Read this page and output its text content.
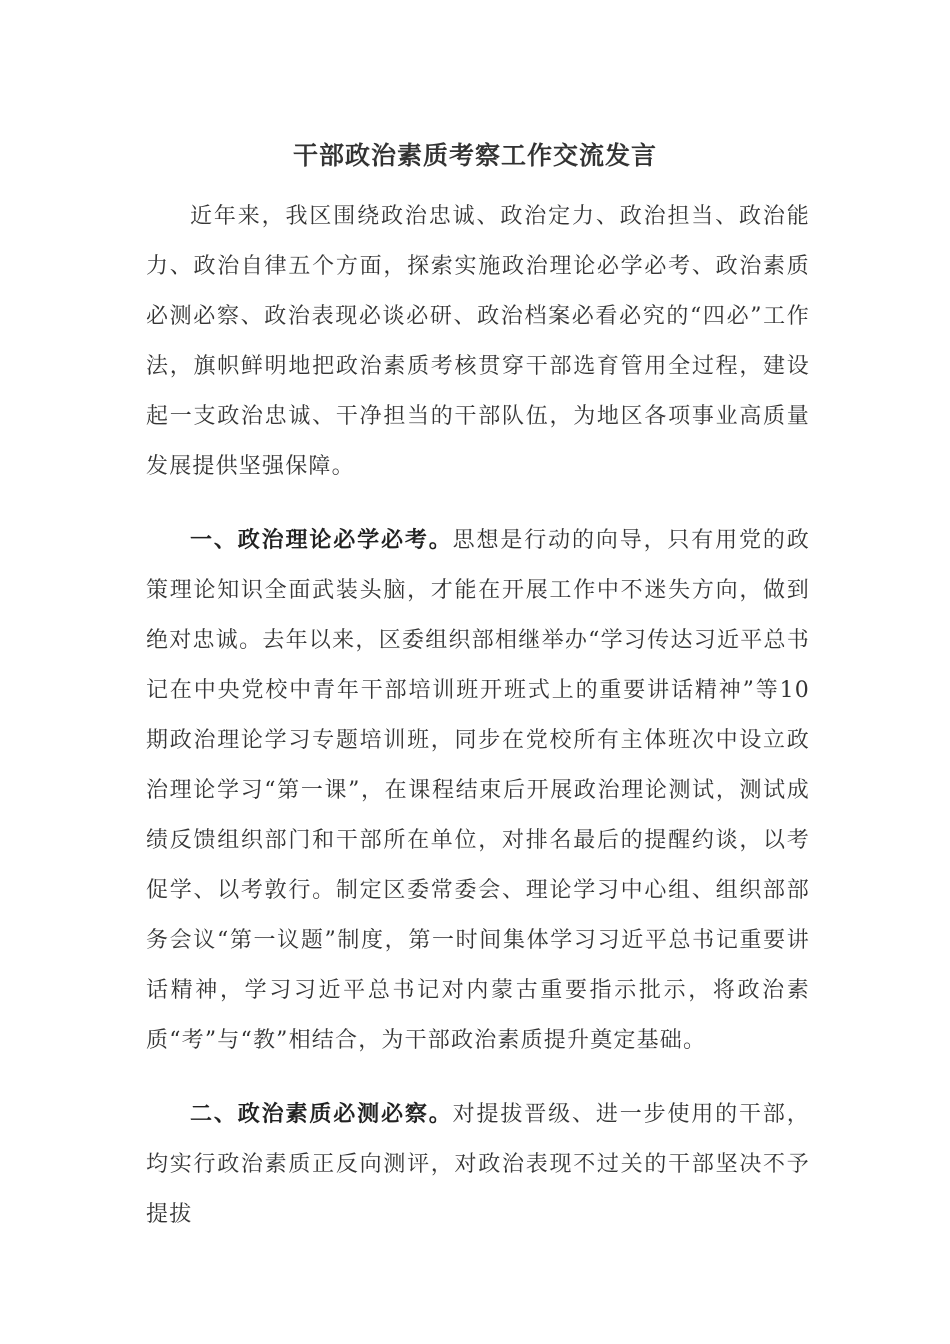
干部政治素质考察工作交流发言

近年来，我区围绕政治忠诚、政治定力、政治担当、政治能力、政治自律五个方面，探索实施政治理论必学必考、政治素质必测必察、政治表现必谈必研、政治档案必看必究的“四必”工作法，旗帜鲜明地把政治素质考核贯穿干部选育管用全过程，建设起一支政治忠诚、干净担当的干部队伍，为地区各项事业高质量发展提供坚强保障。

一、政治理论必学必考。思想是行动的向导，只有用党的政策理论知识全面武装头脑，才能在开展工作中不迷失方向，做到绝对忠诚。去年以来，区委组织部相继举办“学习传达习近平总书记在中央党校中青年干部培训班开班式上的重要讲话精神”等10期政治理论学习专题培训班，同步在党校所有主体班次中设立政治理论学习“第一课”，在课程结束后开展政治理论测试，测试成绩反馈组织部门和干部所在单位，对排名最后的提醒约谈，以考促学、以考敦行。制定区委常委会、理论学习中心组、组织部部务会议“第一议题”制度，第一时间集体学习习近平总书记重要讲话精神，学习习近平总书记对内蒙古重要指示批示，将政治素质“考”与“教”相结合，为干部政治素质提升奠定基础。

二、政治素质必测必察。对提拔晋级、进一步使用的干部，均实行政治素质正反向测评，对政治表现不过关的干部坚决不予提拔
